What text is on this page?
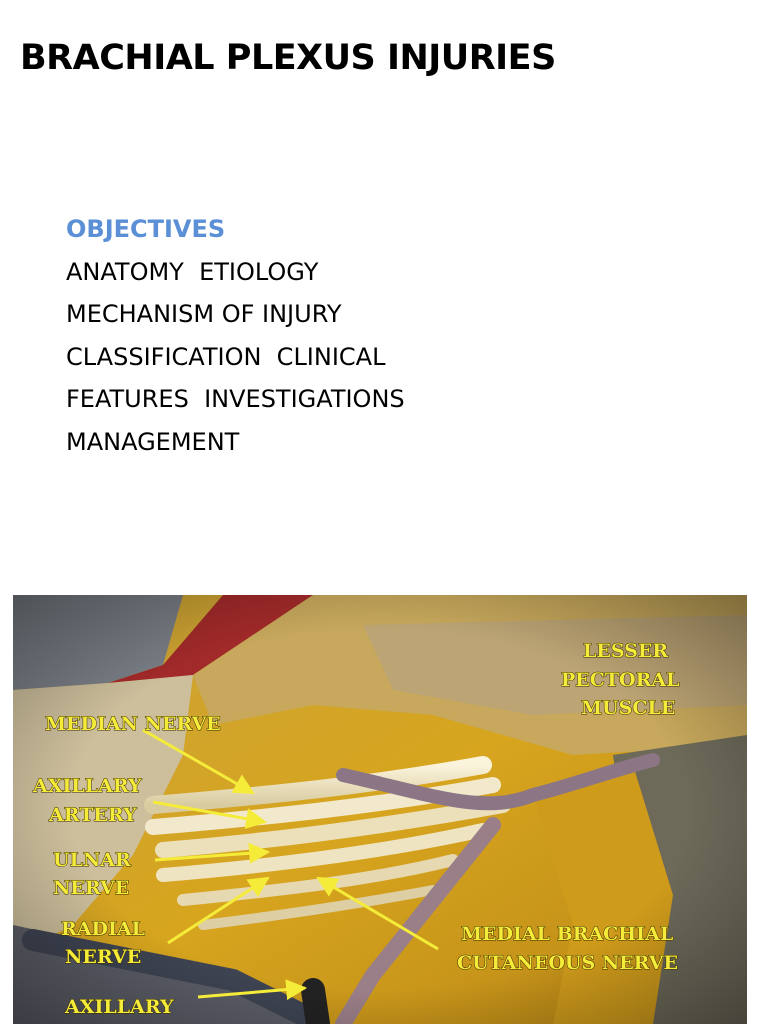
BRACHIAL PLEXUS INJURIES
OBJECTIVES
ANATOMY  ETIOLOGY
MECHANISM OF INJURY
CLASSIFICATION  CLINICAL
FEATURES  INVESTIGATIONS
MANAGEMENT
MEDIAN NERVE
AXILLARY
ARTERY
ULNAR
NERVE
RADIAL
NERVE
AXILLARY
LESSER
PECTORAL
MUSCLE
MEDIAL BRACHIAL
CUTANEOUS NERVE
